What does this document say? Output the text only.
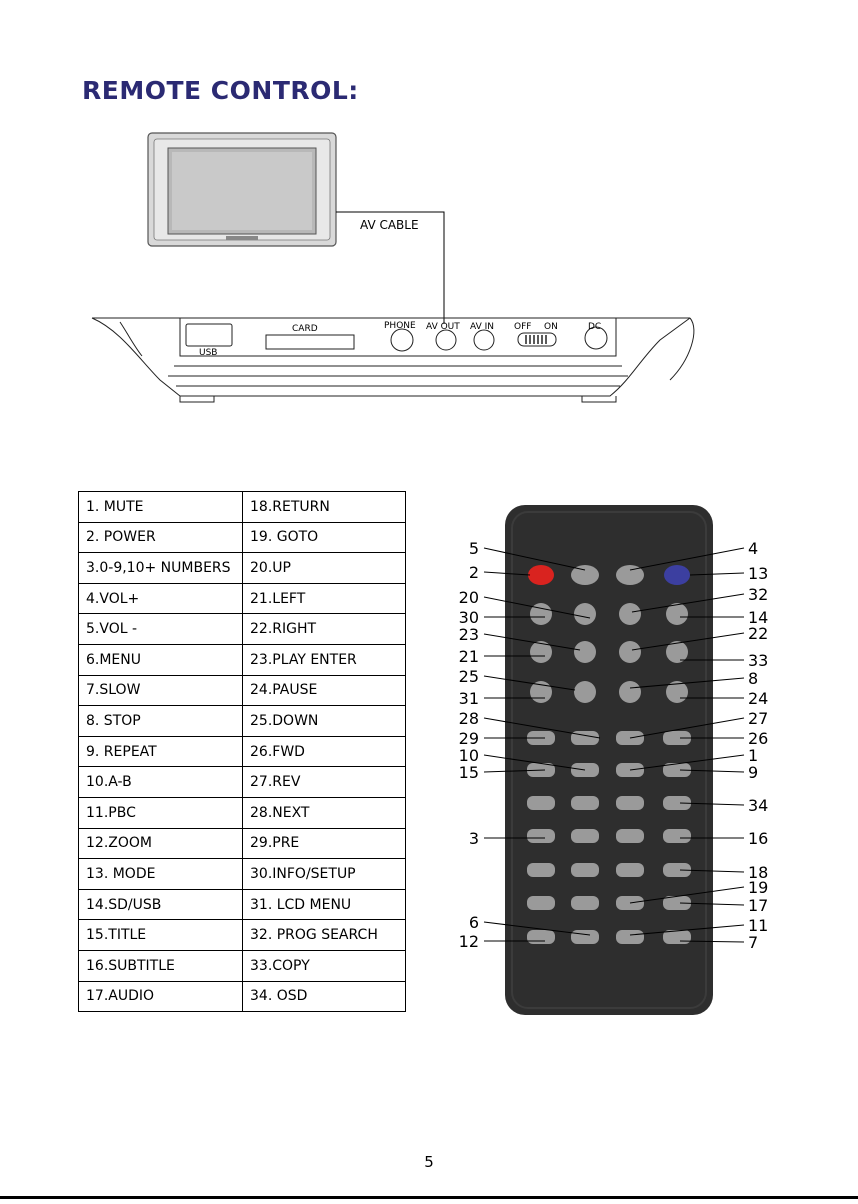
REMOTE CONTROL:
AV CABLE
USB
CARD	PHONE AV OUT AV IN OFF ON	DC
5
2
20
30
23
21
25
31
28
29
10
15
3
6
12
4
13
32
14
22
33
8
24
27
26
1
9
34
16
18
19
17
11
7
1. MUTE	18.RETURN
2. POWER	19. GOTO
3.0-9,10+ NUMBERS	20.UP
4.VOL+	21.LEFT
5.VOL -	22.RIGHT
6.MENU	23.PLAY ENTER
7.SLOW	24.PAUSE
8. STOP	25.DOWN
9. REPEAT	26.FWD
10.A-B	27.REV
11.PBC	28.NEXT
12.ZOOM	29.PRE
13. MODE	30.INFO/SETUP
14.SD/USB	31. LCD MENU
15.TITLE	32. PROG SEARCH
16.SUBTITLE	33.COPY
17.AUDIO	34. OSD
5
